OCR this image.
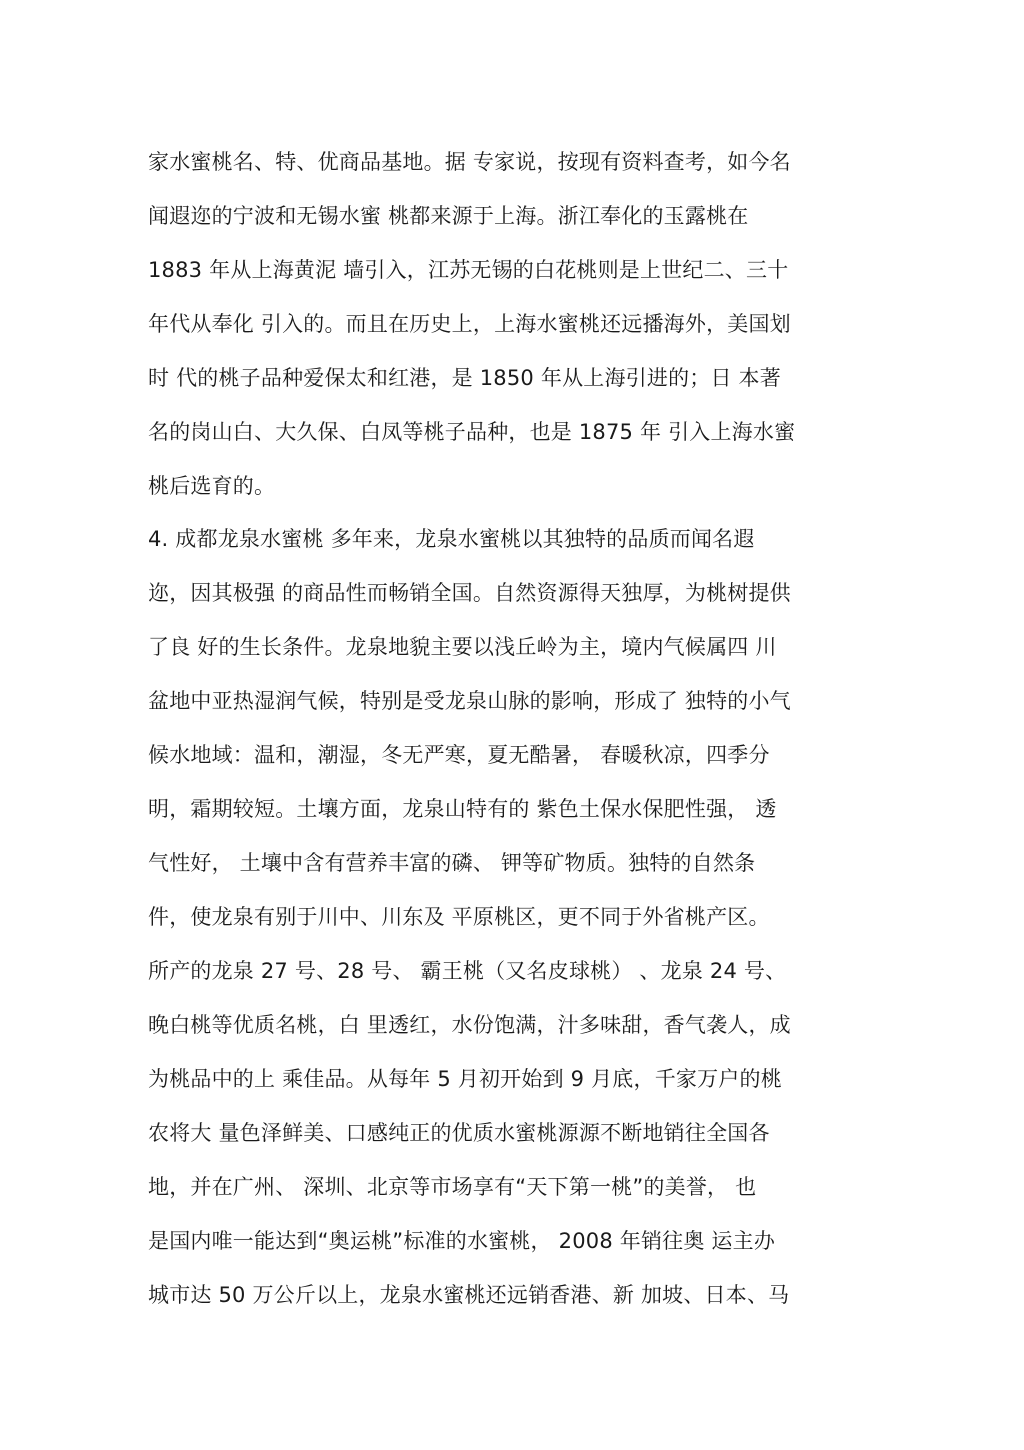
家水蜜桃名、特、优商品基地。据 专家说，按现有资料查考，如今名
闻遐迩的宁波和无锡水蜜 桃都来源于上海。浙江奉化的玉露桃在
1883 年从上海黄泥 墙引入，江苏无锡的白花桃则是上世纪二、三十
年代从奉化 引入的。而且在历史上，上海水蜜桃还远播海外，美国划
时 代的桃子品种爱保太和红港，是 1850 年从上海引进的；日 本著
名的岗山白、大久保、白凤等桃子品种，也是 1875 年 引入上海水蜜
桃后选育的。
4. 成都龙泉水蜜桃 多年来，龙泉水蜜桃以其独特的品质而闻名遐
迩，因其极强 的商品性而畅销全国。自然资源得天独厚，为桃树提供
了良 好的生长条件。龙泉地貌主要以浅丘岭为主，境内气候属四 川
盆地中亚热湿润气候，特别是受龙泉山脉的影响，形成了 独特的小气
候水地域：温和，潮湿，冬无严寒，夏无酷暑， 春暖秋凉，四季分
明，霜期较短。土壤方面，龙泉山特有的 紫色土保水保肥性强， 透
气性好， 土壤中含有营养丰富的磷、 钾等矿物质。独特的自然条
件，使龙泉有别于川中、川东及 平原桃区，更不同于外省桃产区。
所产的龙泉 27 号、28 号、 霸王桃（又名皮球桃） 、龙泉 24 号、
晚白桃等优质名桃，白 里透红，水份饱满，汁多味甜，香气袭人，成
为桃品中的上 乘佳品。从每年 5 月初开始到 9 月底，千家万户的桃
农将大 量色泽鲜美、口感纯正的优质水蜜桃源源不断地销往全国各
地，并在广州、 深圳、北京等市场享有“天下第一桃”的美誉， 也
是国内唯一能达到“奥运桃”标准的水蜜桃， 2008 年销往奥 运主办
城市达 50 万公斤以上，龙泉水蜜桃还远销香港、新 加坡、日本、马
